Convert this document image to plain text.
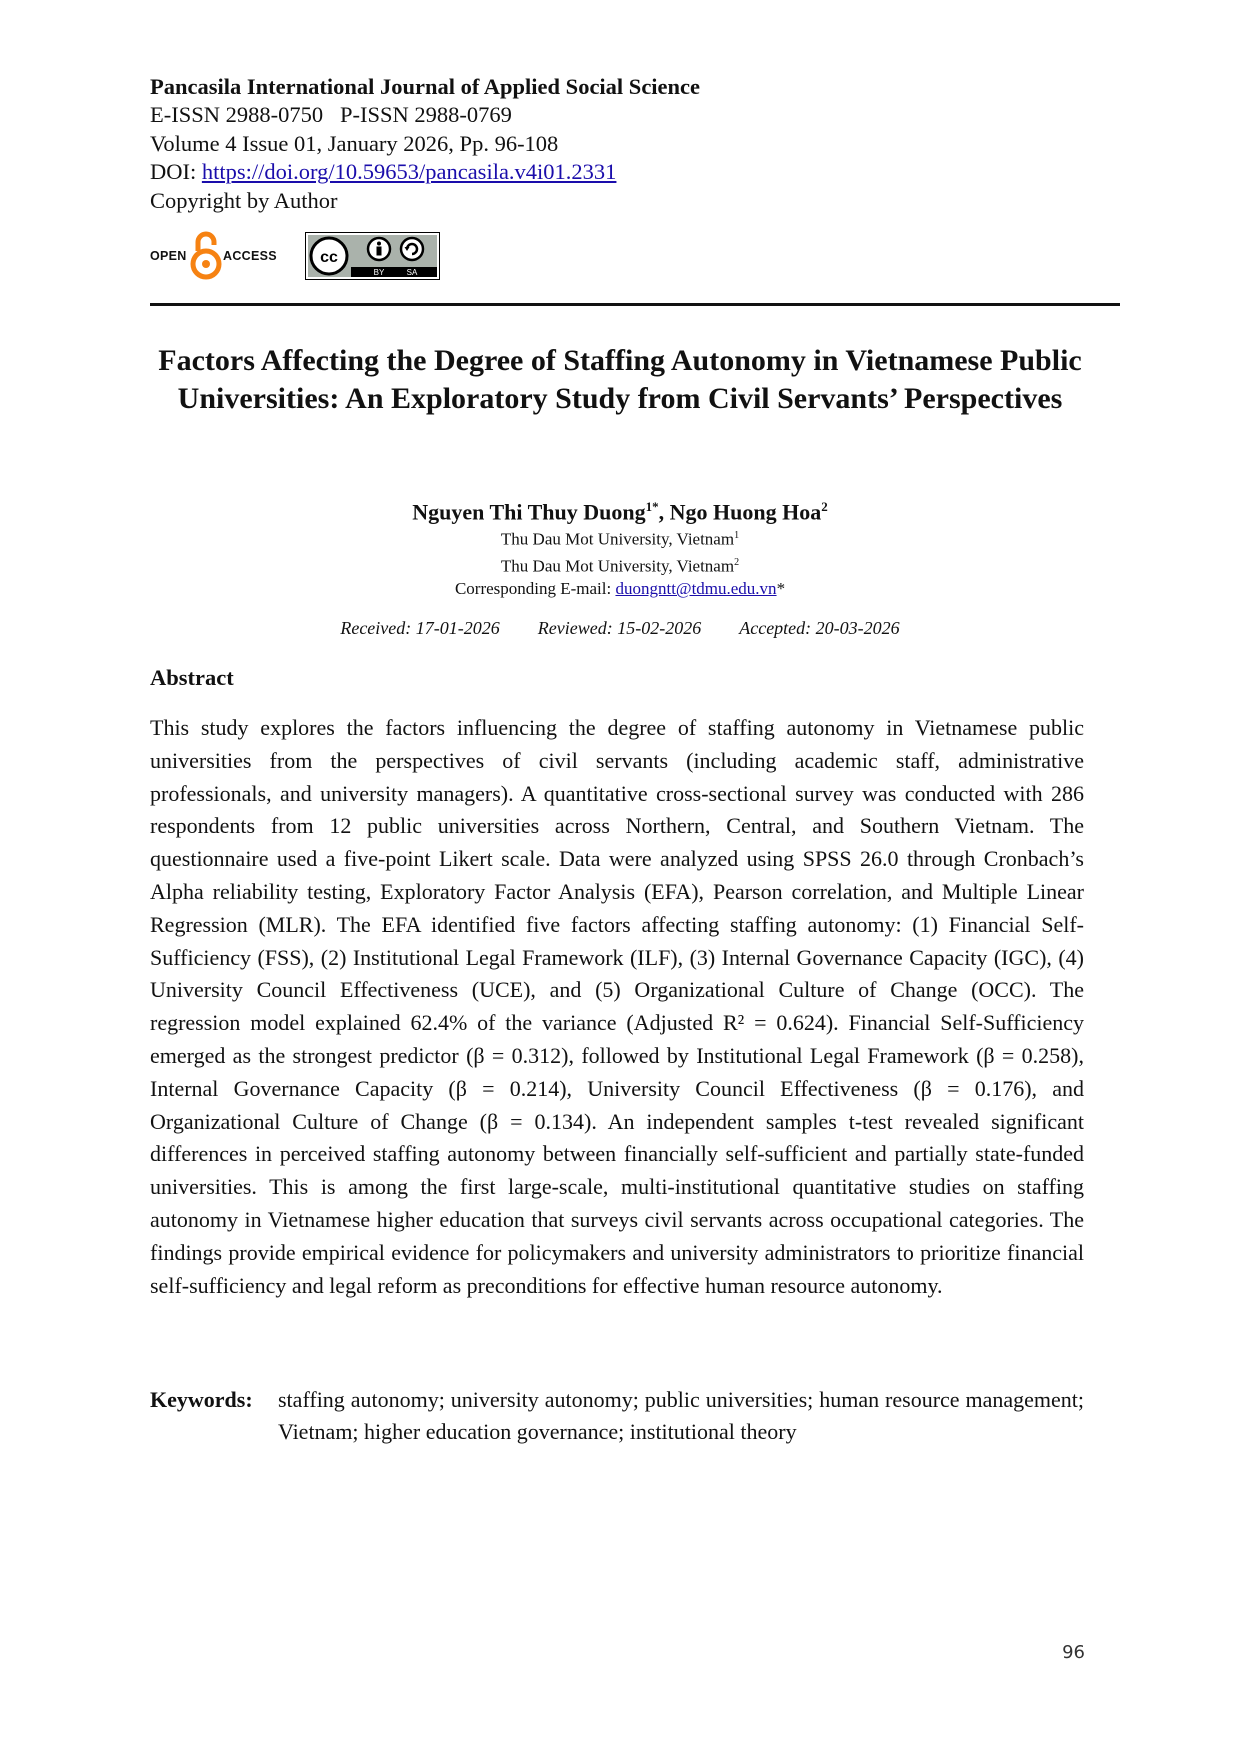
Pancasila International Journal of Applied Social Science
E-ISSN 2988-0750   P-ISSN 2988-0769
Volume 4 Issue 01, January 2026, Pp. 96-108
DOI: https://doi.org/10.59653/pancasila.v4i01.2331
Copyright by Author
OPEN	ACCESS	cc
BY	SA
Factors Affecting the Degree of Staffing Autonomy in Vietnamese Public Universities: An Exploratory Study from Civil Servants’ Perspectives
Nguyen Thi Thuy Duong$^{1*}$, Ngo Huong Hoa$^2$
Thu Dau Mot University, Vietnam$^1$
Thu Dau Mot University, Vietnam$^2$
Corresponding E-mail: duongntt@tdmu.edu.vn*
Received: 17-01-2026 Reviewed: 15-02-2026 Accepted: 20-03-2026
Abstract
This study explores the factors influencing the degree of staffing autonomy in Vietnamese public universities from the perspectives of civil servants (including academic staff, administrative professionals, and university managers). A quantitative cross-sectional survey was conducted with 286 respondents from 12 public universities across Northern, Central, and Southern Vietnam. The questionnaire used a five-point Likert scale. Data were analyzed using SPSS 26.0 through Cronbach’s Alpha reliability testing, Exploratory Factor Analysis (EFA), Pearson correlation, and Multiple Linear Regression (MLR). The EFA identified five factors affecting staffing autonomy: (1) Financial Self-Sufficiency (FSS), (2) Institutional Legal Framework (ILF), (3) Internal Governance Capacity (IGC), (4) University Council Effectiveness (UCE), and (5) Organizational Culture of Change (OCC). The regression model explained 62.4% of the variance (Adjusted R² = 0.624). Financial Self-Sufficiency emerged as the strongest predictor (β = 0.312), followed by Institutional Legal Framework (β = 0.258), Internal Governance Capacity (β = 0.214), University Council Effectiveness (β = 0.176), and Organizational Culture of Change (β = 0.134). An independent samples t-test revealed significant differences in perceived staffing autonomy between financially self-sufficient and partially state-funded universities. This is among the first large-scale, multi-institutional quantitative studies on staffing autonomy in Vietnamese higher education that surveys civil servants across occupational categories. The findings provide empirical evidence for policymakers and university administrators to prioritize financial self-sufficiency and legal reform as preconditions for effective human resource autonomy.
Keywords:	staffing autonomy; university autonomy; public universities; human resource management; Vietnam; higher education governance; institutional theory
96
